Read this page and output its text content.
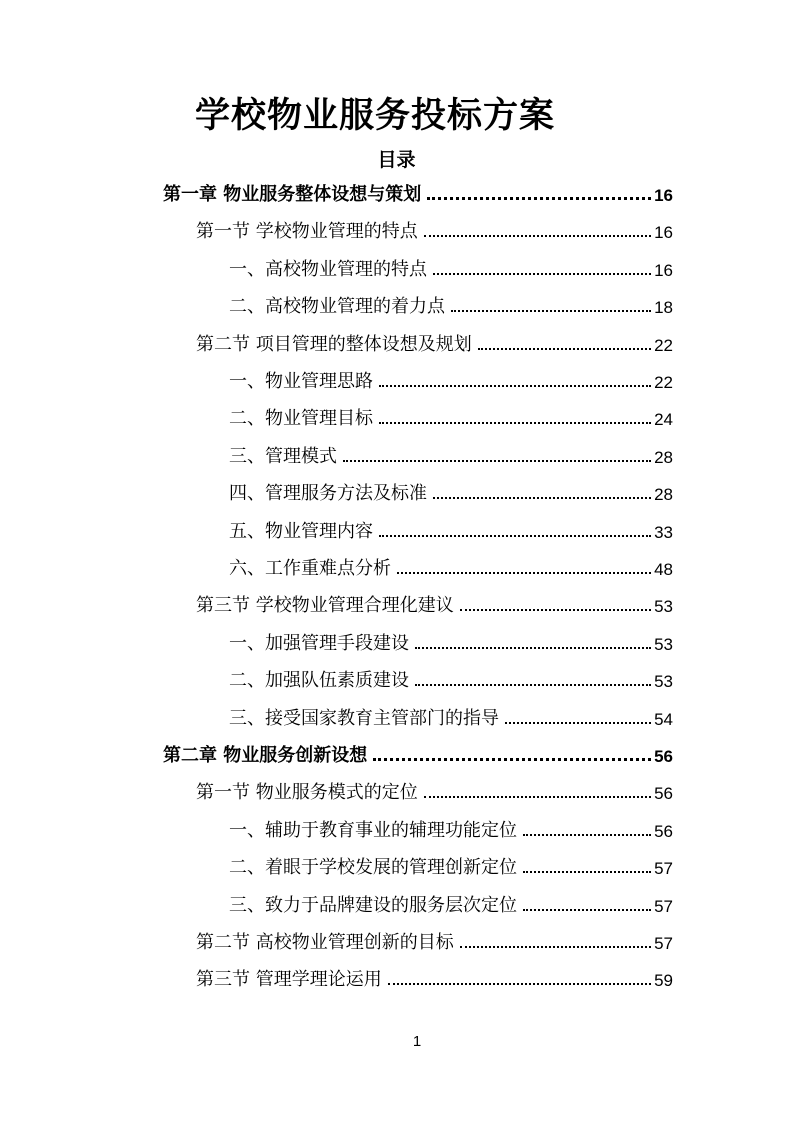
学校物业服务投标方案
目录
第一章 物业服务整体设想与策划	16
第一节 学校物业管理的特点	16
一、高校物业管理的特点	16
二、高校物业管理的着力点	18
第二节 项目管理的整体设想及规划	22
一、物业管理思路	22
二、物业管理目标	24
三、管理模式	28
四、管理服务方法及标准	28
五、物业管理内容	33
六、工作重难点分析	48
第三节 学校物业管理合理化建议	53
一、加强管理手段建设	53
二、加强队伍素质建设	53
三、接受国家教育主管部门的指导	54
第二章 物业服务创新设想	56
第一节 物业服务模式的定位	56
一、辅助于教育事业的辅理功能定位	56
二、着眼于学校发展的管理创新定位	57
三、致力于品牌建设的服务层次定位	57
第二节 高校物业管理创新的目标	57
第三节 管理学理论运用	59
1
